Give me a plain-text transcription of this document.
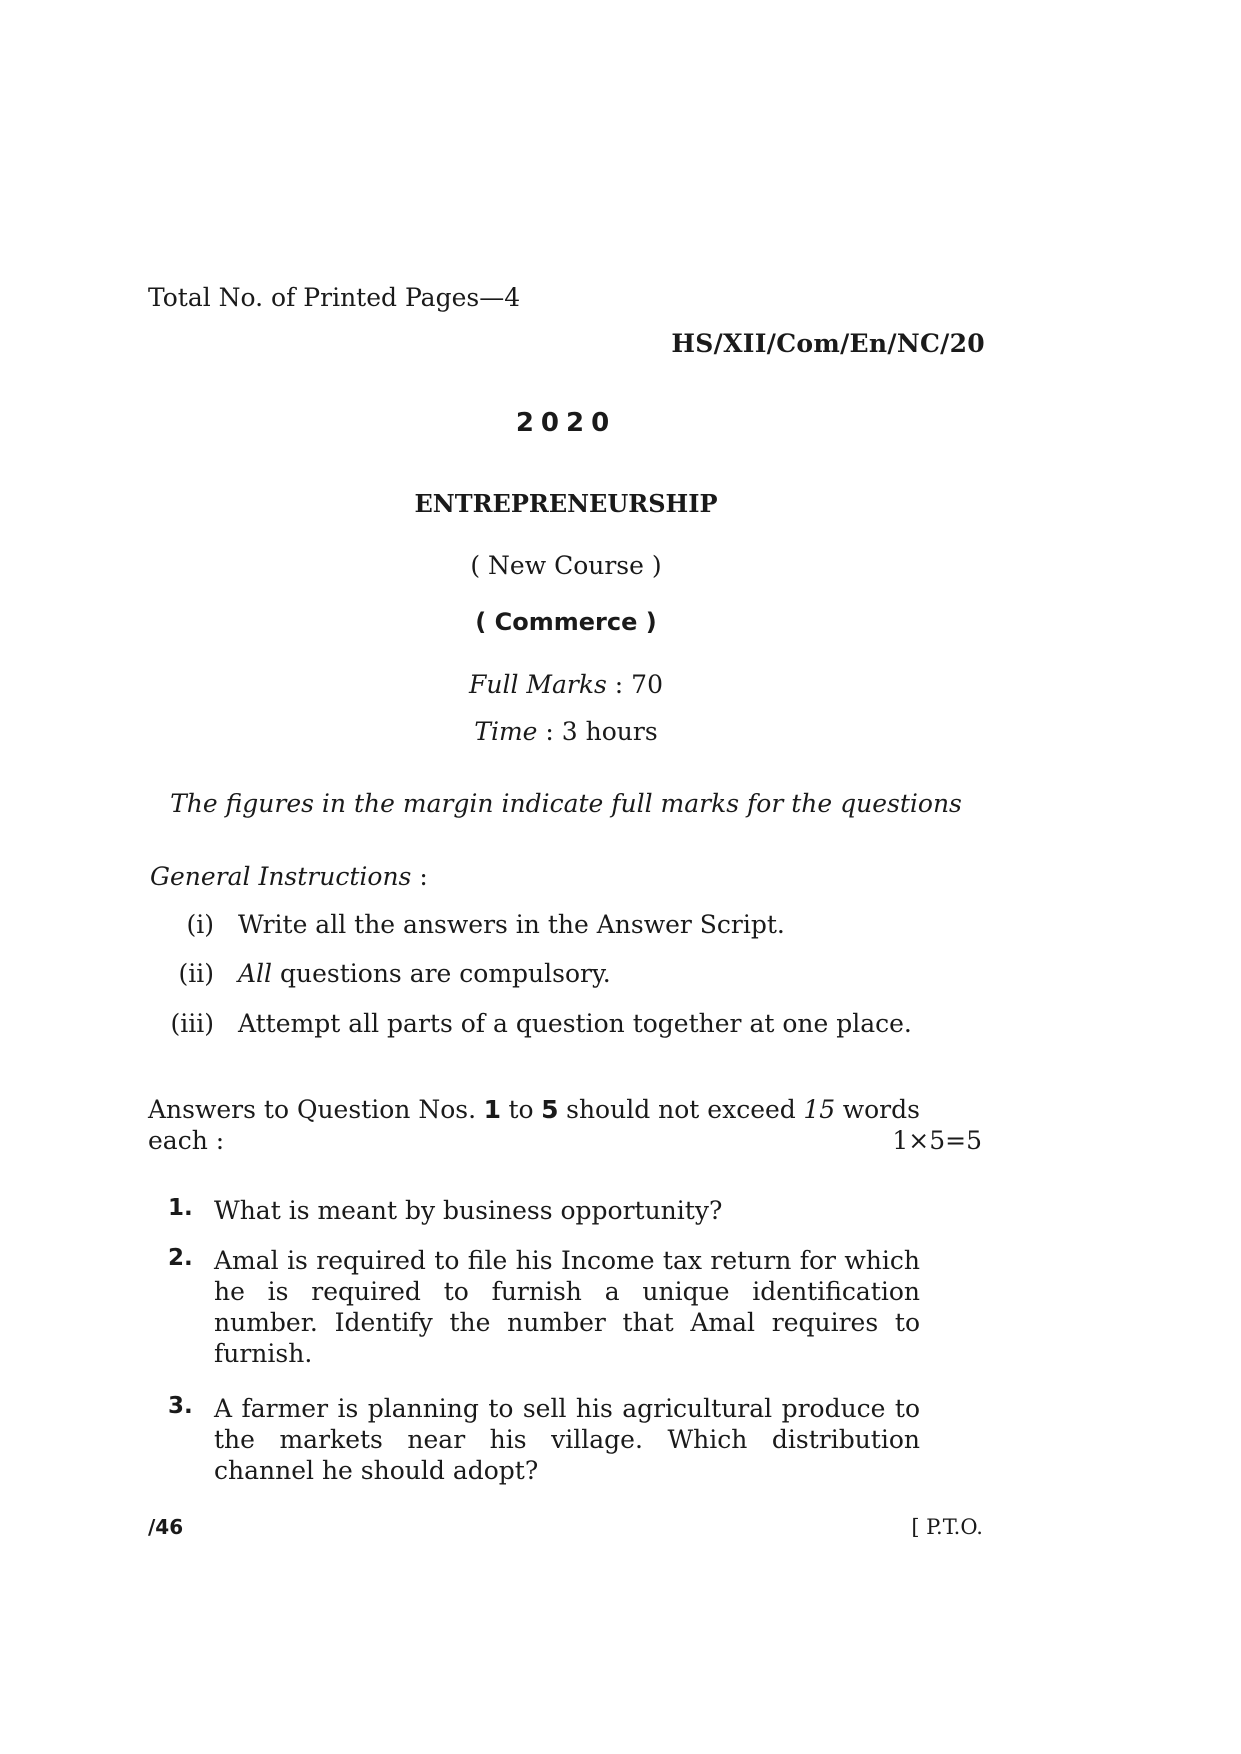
Total No. of Printed Pages—4
HS/XII/Com/En/NC/20
2020
ENTREPRENEURSHIP
( New Course )
( Commerce )
Full Marks : 70
Time : 3 hours
The figures in the margin indicate full marks for the questions
General Instructions :
(i) Write all the answers in the Answer Script.
(ii) All questions are compulsory.
(iii) Attempt all parts of a question together at one place.
Answers to Question Nos. 1 to 5 should not exceed 15 words
each :	1×5=5
1. What is meant by business opportunity?
2. Amal is required to file his Income tax return for which he is required to furnish a unique identification number. Identify the number that Amal requires to furnish.
3. A farmer is planning to sell his agricultural produce to the markets near his village. Which distribution channel he should adopt?
/46	[ P.T.O.
